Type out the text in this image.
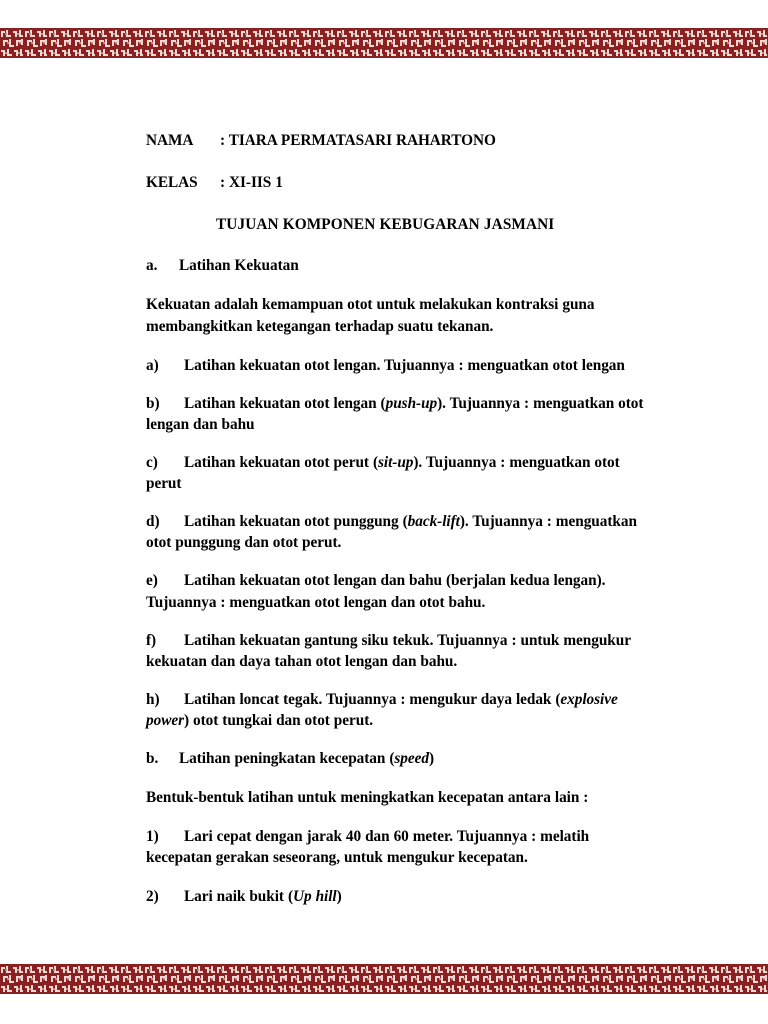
NAMA : TIARA PERMATASARI RAHARTONO

KELAS : XI-IIS 1

TUJUAN KOMPONEN KEBUGARAN JASMANI

a. Latihan Kekuatan

Kekuatan adalah kemampuan otot untuk melakukan kontraksi guna membangkitkan ketegangan terhadap suatu tekanan.

a) Latihan kekuatan otot lengan. Tujuannya : menguatkan otot lengan

b) Latihan kekuatan otot lengan (push-up). Tujuannya : menguatkan otot lengan dan bahu

c) Latihan kekuatan otot perut (sit-up). Tujuannya : menguatkan otot perut

d) Latihan kekuatan otot punggung (back-lift). Tujuannya : menguatkan otot punggung dan otot perut.

e) Latihan kekuatan otot lengan dan bahu (berjalan kedua lengan). Tujuannya : menguatkan otot lengan dan otot bahu.

f) Latihan kekuatan gantung siku tekuk. Tujuannya : untuk mengukur kekuatan dan daya tahan otot lengan dan bahu.

h) Latihan loncat tegak. Tujuannya : mengukur daya ledak (explosive power) otot tungkai dan otot perut.

b. Latihan peningkatan kecepatan (speed)

Bentuk-bentuk latihan untuk meningkatkan kecepatan antara lain :

1) Lari cepat dengan jarak 40 dan 60 meter. Tujuannya : melatih kecepatan gerakan seseorang, untuk mengukur kecepatan.

2) Lari naik bukit (Up hill)
